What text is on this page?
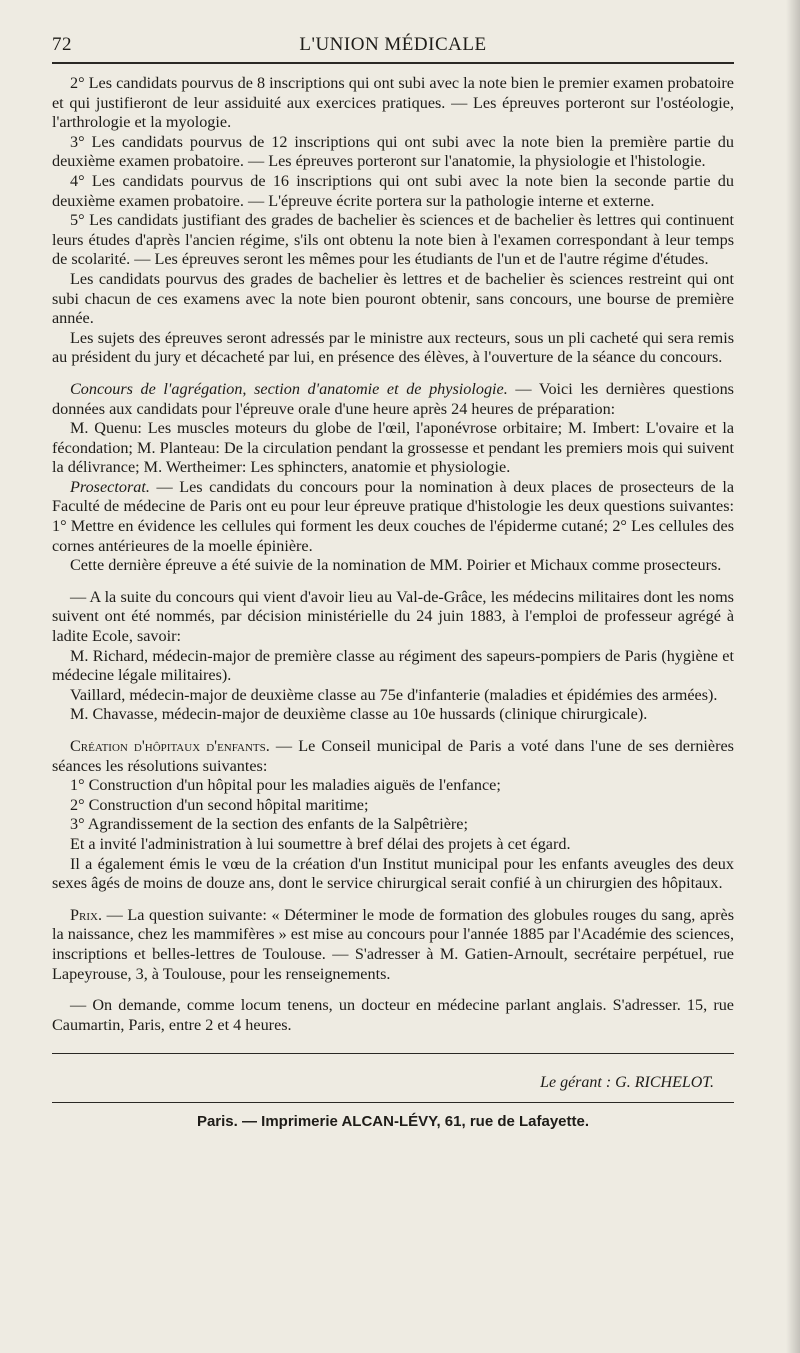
72	L'UNION MÉDICALE

2° Les candidats pourvus de 8 inscriptions qui ont subi avec la note bien le premier examen probatoire et qui justifieront de leur assiduité aux exercices pratiques. — Les épreuves porteront sur l'ostéologie, l'arthrologie et la myologie.

3° Les candidats pourvus de 12 inscriptions qui ont subi avec la note bien la première partie du deuxième examen probatoire. — Les épreuves porteront sur l'anatomie, la physiologie et l'histologie.

4° Les candidats pourvus de 16 inscriptions qui ont subi avec la note bien la seconde partie du deuxième examen probatoire. — L'épreuve écrite portera sur la pathologie interne et externe.

5° Les candidats justifiant des grades de bachelier ès sciences et de bachelier ès lettres qui continuent leurs études d'après l'ancien régime, s'ils ont obtenu la note bien à l'examen correspondant à leur temps de scolarité. — Les épreuves seront les mêmes pour les étudiants de l'un et de l'autre régime d'études.

Les candidats pourvus des grades de bachelier ès lettres et de bachelier ès sciences restreint qui ont subi chacun de ces examens avec la note bien pouront obtenir, sans concours, une bourse de première année.

Les sujets des épreuves seront adressés par le ministre aux recteurs, sous un pli cacheté qui sera remis au président du jury et décacheté par lui, en présence des élèves, à l'ouverture de la séance du concours.

Concours de l'agrégation, section d'anatomie et de physiologie. — Voici les dernières questions données aux candidats pour l'épreuve orale d'une heure après 24 heures de préparation:

M. Quenu: Les muscles moteurs du globe de l'œil, l'aponévrose orbitaire; M. Imbert: L'ovaire et la fécondation; M. Planteau: De la circulation pendant la grossesse et pendant les premiers mois qui suivent la délivrance; M. Wertheimer: Les sphincters, anatomie et physiologie.

Prosectorat. — Les candidats du concours pour la nomination à deux places de prosecteurs de la Faculté de médecine de Paris ont eu pour leur épreuve pratique d'histologie les deux questions suivantes: 1° Mettre en évidence les cellules qui forment les deux couches de l'épiderme cutané; 2° Les cellules des cornes antérieures de la moelle épinière.

Cette dernière épreuve a été suivie de la nomination de MM. Poirier et Michaux comme prosecteurs.

— A la suite du concours qui vient d'avoir lieu au Val-de-Grâce, les médecins militaires dont les noms suivent ont été nommés, par décision ministérielle du 24 juin 1883, à l'emploi de professeur agrégé à ladite Ecole, savoir:

M. Richard, médecin-major de première classe au régiment des sapeurs-pompiers de Paris (hygiène et médecine légale militaires).

Vaillard, médecin-major de deuxième classe au 75e d'infanterie (maladies et épidémies des armées).

M. Chavasse, médecin-major de deuxième classe au 10e hussards (clinique chirurgicale).

Création d'hôpitaux d'enfants. — Le Conseil municipal de Paris a voté dans l'une de ses dernières séances les résolutions suivantes:

1° Construction d'un hôpital pour les maladies aiguës de l'enfance;

2° Construction d'un second hôpital maritime;

3° Agrandissement de la section des enfants de la Salpêtrière;

Et a invité l'administration à lui soumettre à bref délai des projets à cet égard.

Il a également émis le vœu de la création d'un Institut municipal pour les enfants aveugles des deux sexes âgés de moins de douze ans, dont le service chirurgical serait confié à un chirurgien des hôpitaux.

Prix. — La question suivante: « Déterminer le mode de formation des globules rouges du sang, après la naissance, chez les mammifères » est mise au concours pour l'année 1885 par l'Académie des sciences, inscriptions et belles-lettres de Toulouse. — S'adresser à M. Gatien-Arnoult, secrétaire perpétuel, rue Lapeyrouse, 3, à Toulouse, pour les renseignements.

— On demande, comme locum tenens, un docteur en médecine parlant anglais. S'adresser. 15, rue Caumartin, Paris, entre 2 et 4 heures.

Le gérant : G. RICHELOT.
Paris. — Imprimerie ALCAN-LÉVY, 61, rue de Lafayette.
